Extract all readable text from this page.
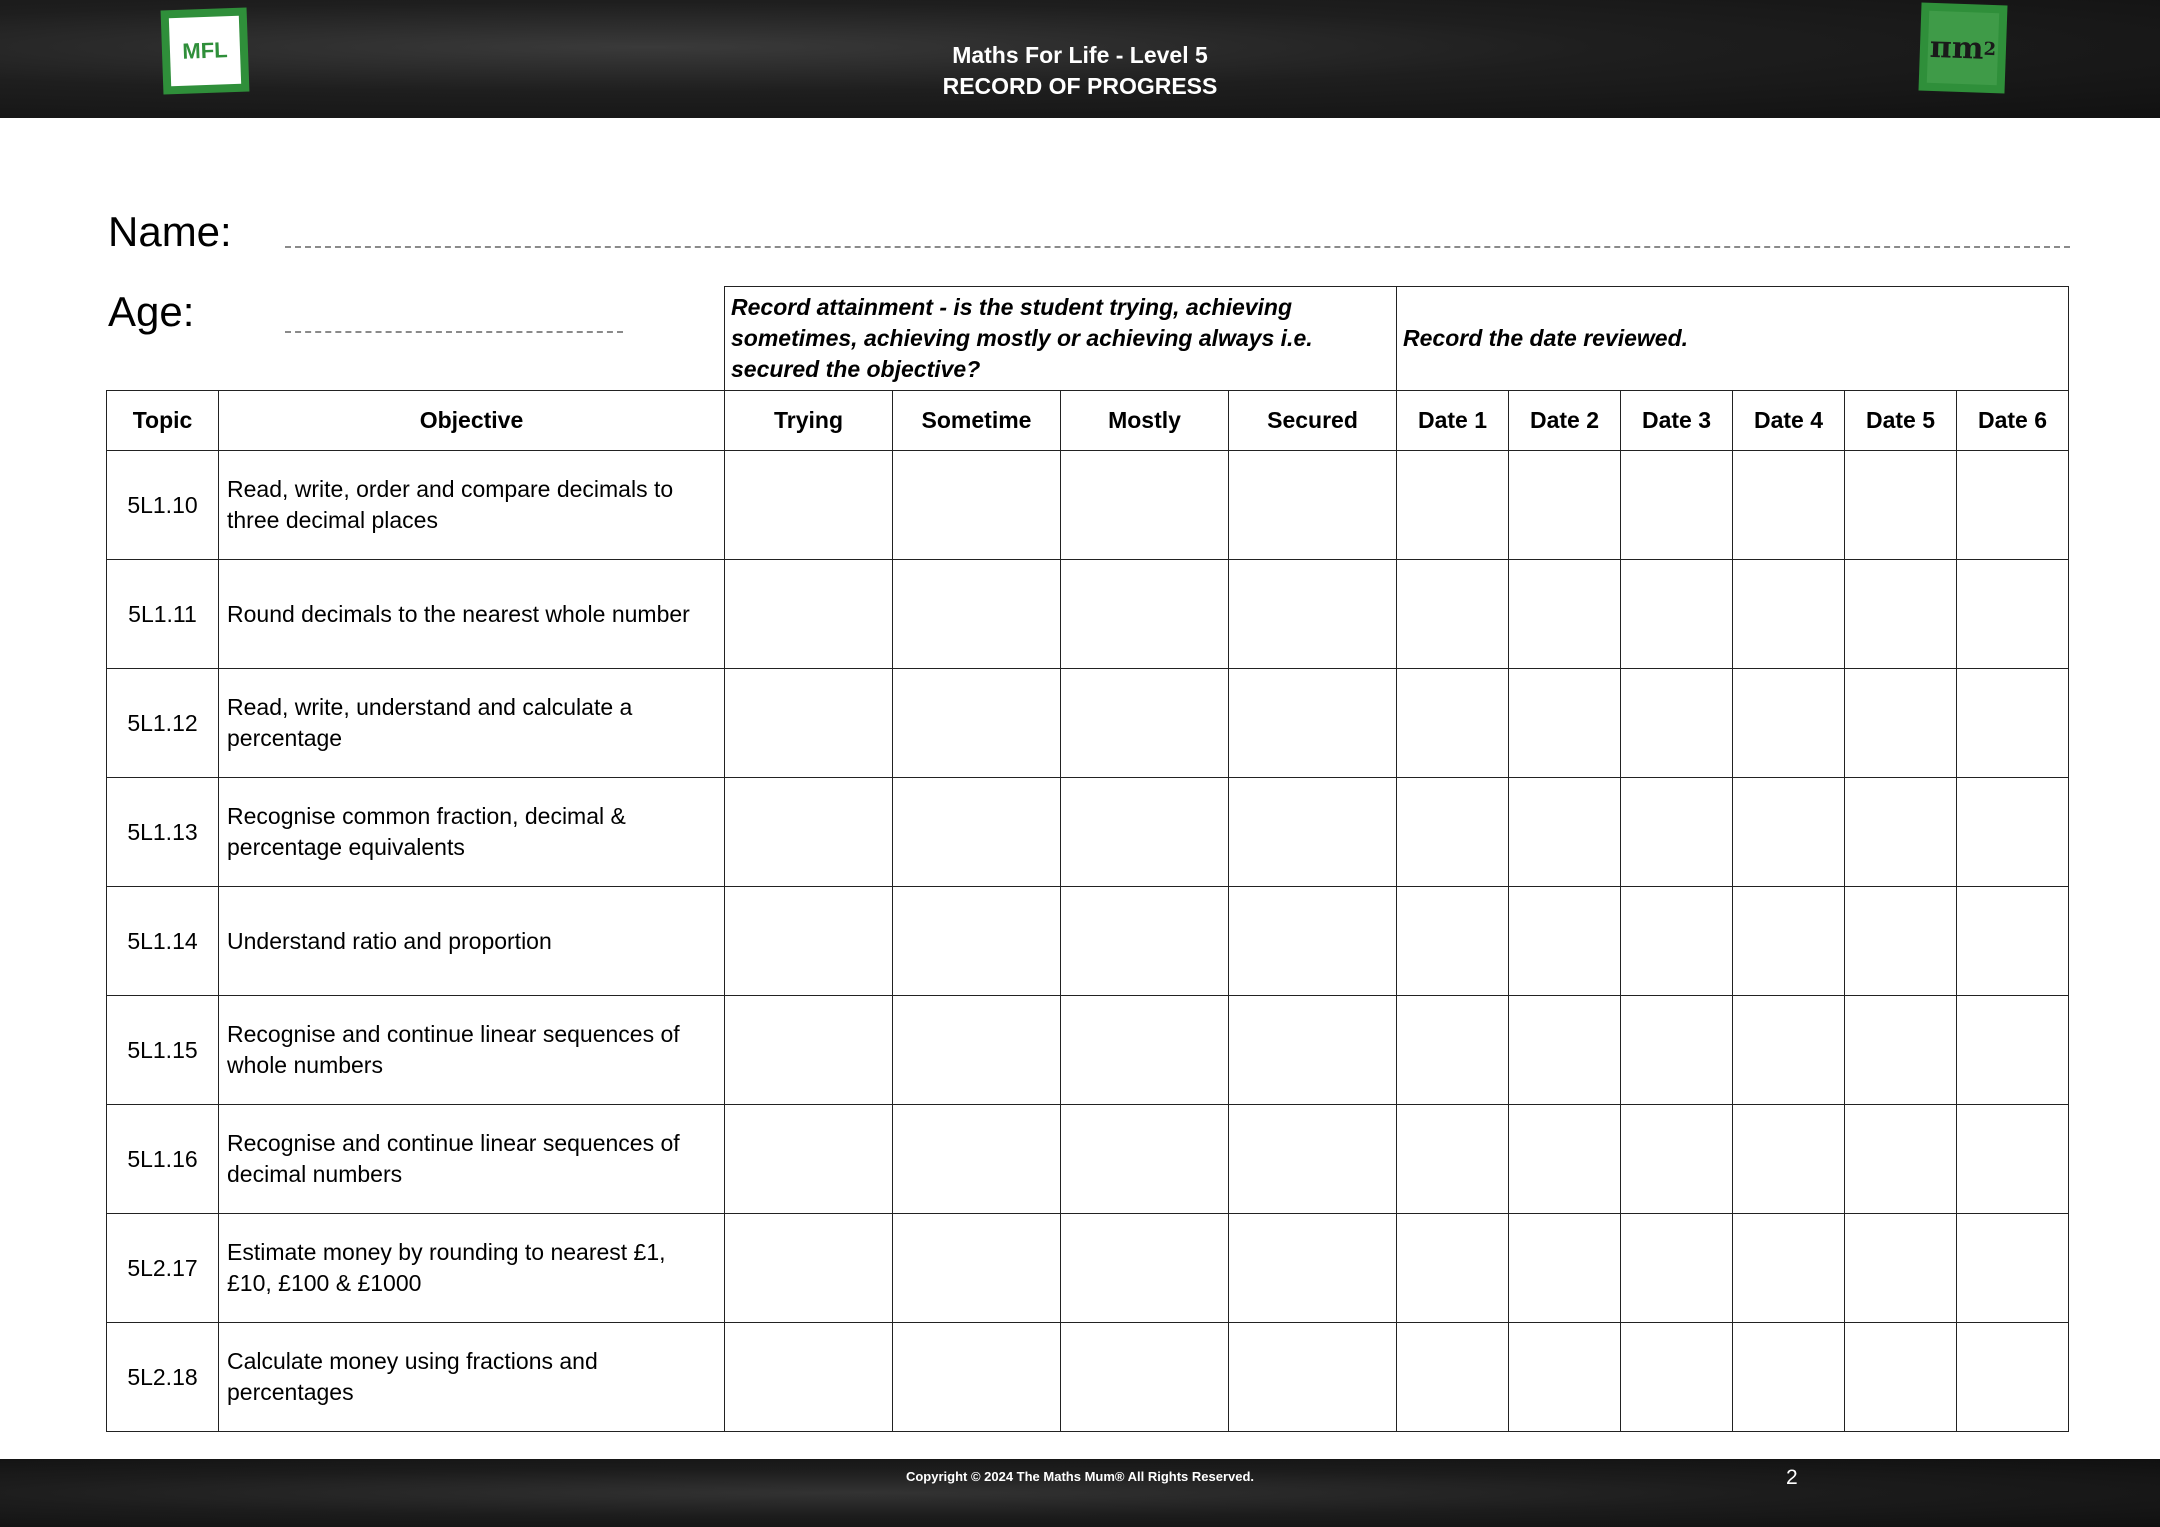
MFL	Maths For Life - Level 5
RECORD OF PROGRESS
πm 2
Name:
Age:
		Record attainment - is the student trying, achieving sometimes, achieving mostly or achieving always i.e. secured the objective?				Record the date reviewed.					
Topic	Objective	Trying	Sometime	Mostly	Secured	Date 1	Date 2	Date 3	Date 4	Date 5	Date 6
5L1.10	Read, write, order and compare decimals to three decimal places										
5L1.11	Round decimals to the nearest whole number										
5L1.12	Read, write, understand and calculate a percentage										
5L1.13	Recognise common fraction, decimal & percentage equivalents										
5L1.14	Understand ratio and proportion										
5L1.15	Recognise and continue linear sequences of whole numbers										
5L1.16	Recognise and continue linear sequences of decimal numbers										
5L2.17	Estimate money by rounding to nearest £1, £10, £100 & £1000										
5L2.18	Calculate money using fractions and percentages										
Copyright © 2024 The Maths Mum® All Rights Reserved.	2
